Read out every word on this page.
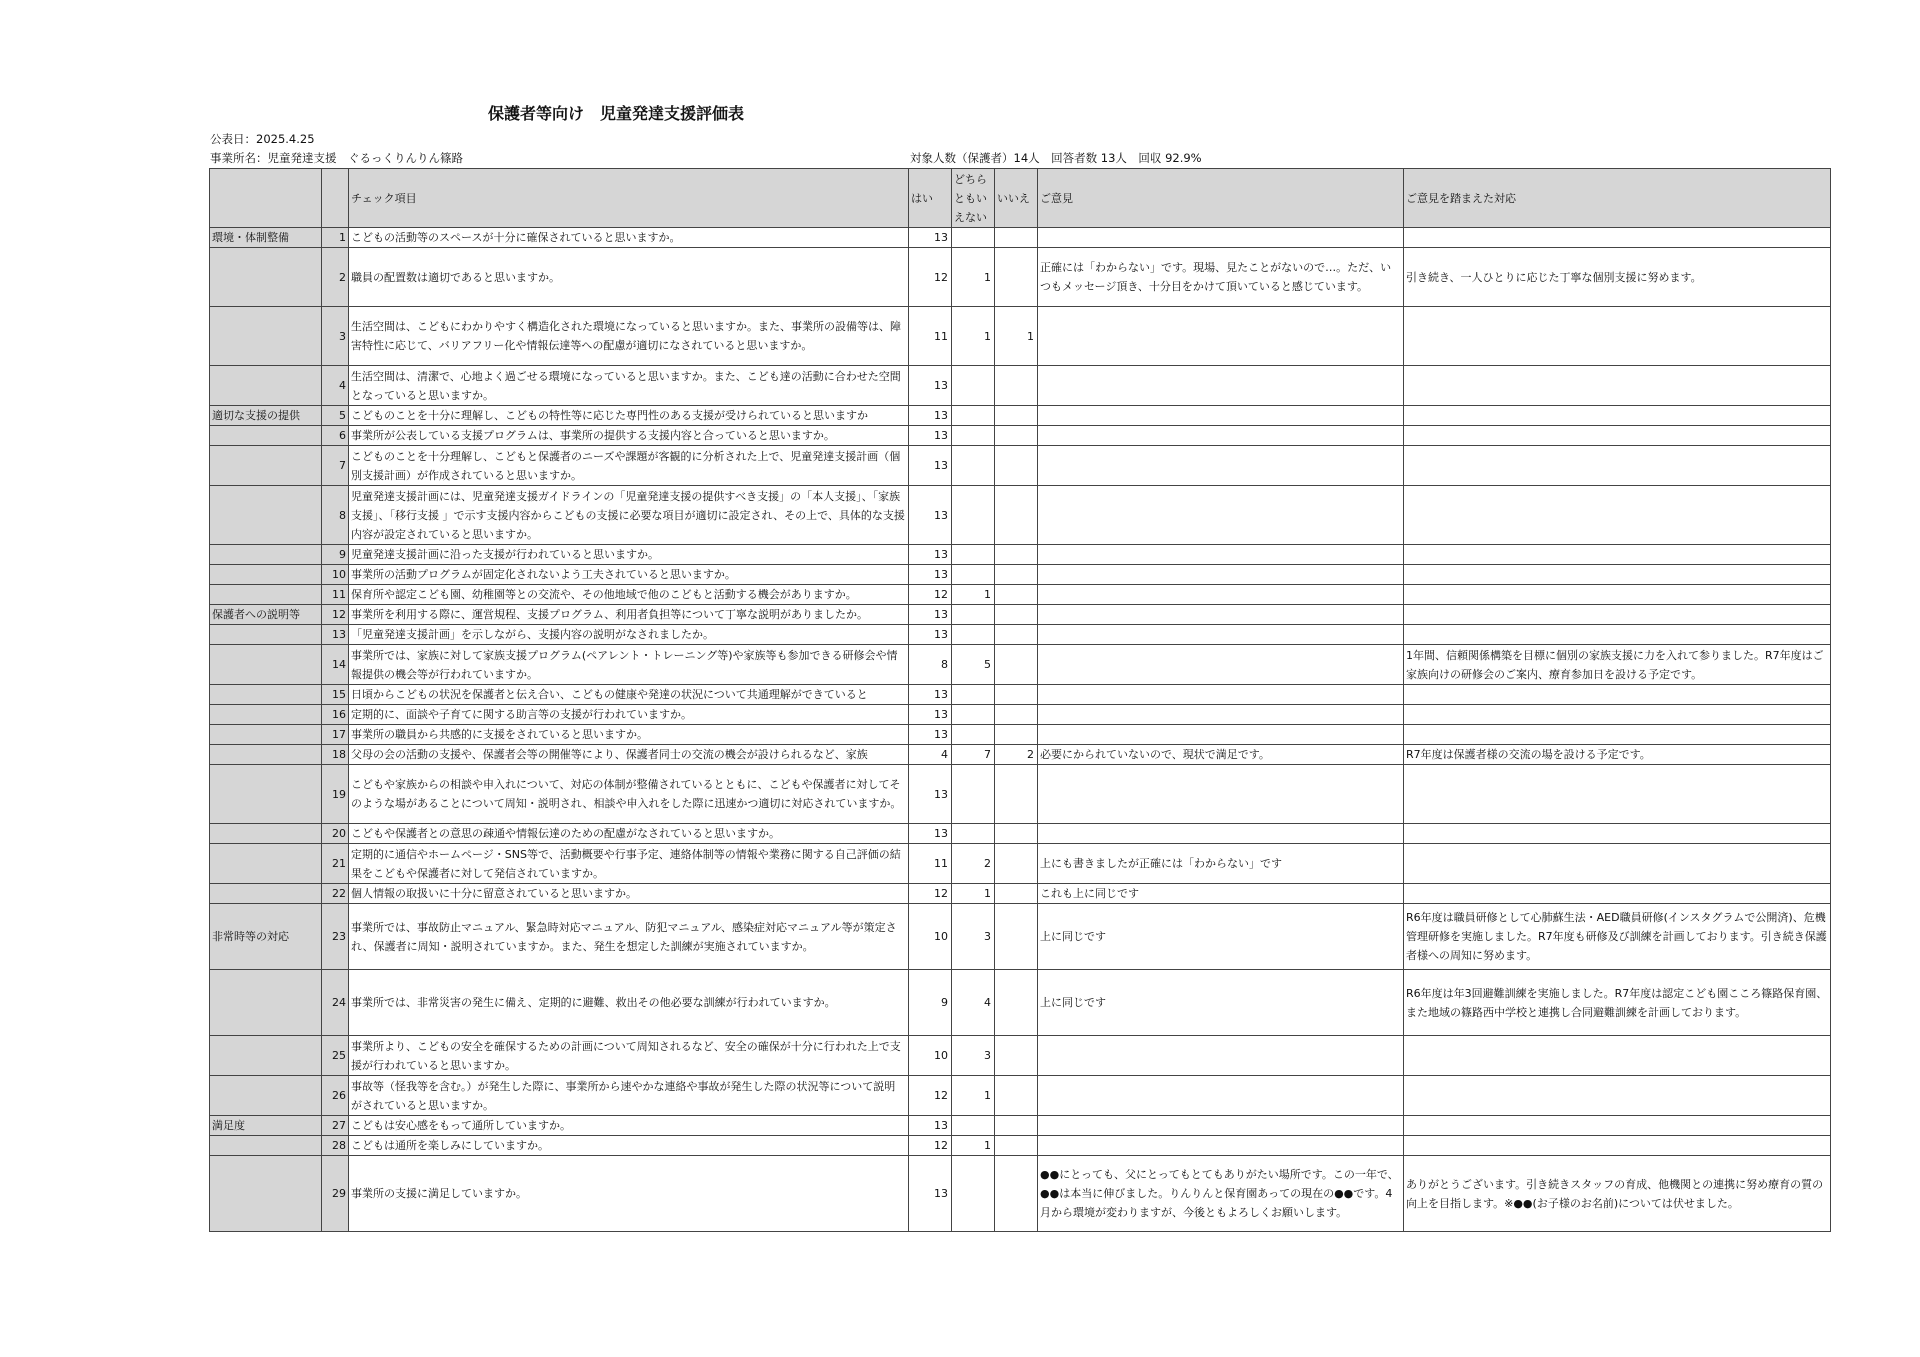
保護者等向け　児童発達支援評価表
公表日：2025.4.25
事業所名：児童発達支援　ぐるっくりんりん篠路	対象人数（保護者）14人　回答者数 13人　回収 92.9%
		チェック項目	はい	どちらともいえない	いいえ	ご意見	ご意見を踏まえた対応
環境・体制整備	1	こどもの活動等のスペースが十分に確保されていると思いますか。	13				
	2	職員の配置数は適切であると思いますか。	12	1		正確には「わからない」です。現場、見たことがないので…。ただ、いつもメッセージ頂き、十分目をかけて頂いていると感じています。	引き続き、一人ひとりに応じた丁寧な個別支援に努めます。
	3	生活空間は、こどもにわかりやすく構造化された環境になっていると思いますか。また、事業所の設備等は、障害特性に応じて、バリアフリー化や情報伝達等への配慮が適切になされていると思いますか。	11	1	1		
	4	生活空間は、清潔で、心地よく過ごせる環境になっていると思いますか。また、こども達の活動に合わせた空間となっていると思いますか。	13				
適切な支援の提供	5	こどものことを十分に理解し、こどもの特性等に応じた専門性のある支援が受けられていると思いますか	13				
	6	事業所が公表している支援プログラムは、事業所の提供する支援内容と合っていると思いますか。	13				
	7	こどものことを十分理解し、こどもと保護者のニーズや課題が客観的に分析された上で、児童発達支援計画（個別支援計画）が作成されていると思いますか。	13				
	8	児童発達支援計画には、児童発達支援ガイドラインの「児童発達支援の提供すべき支援」の「本人支援」、「家族支援」、「移行支援 」で示す支援内容からこどもの支援に必要な項目が適切に設定され、その上で、具体的な支援内容が設定されていると思いますか。	13				
	9	児童発達支援計画に沿った支援が行われていると思いますか。	13				
	10	事業所の活動プログラムが固定化されないよう工夫されていると思いますか。	13				
	11	保育所や認定こども園、幼稚園等との交流や、その他地域で他のこどもと活動する機会がありますか。	12	1			
保護者への説明等	12	事業所を利用する際に、運営規程、支援プログラム、利用者負担等について丁寧な説明がありましたか。	13				
	13	「児童発達支援計画」を示しながら、支援内容の説明がなされましたか。	13				
	14	事業所では、家族に対して家族支援プログラム(ペアレント・トレーニング等)や家族等も参加できる研修会や情報提供の機会等が行われていますか。	8	5			1年間、信頼関係構築を目標に個別の家族支援に力を入れて参りました。R7年度はご家族向けの研修会のご案内、療育参加日を設ける予定です。
	15	日頃からこどもの状況を保護者と伝え合い、こどもの健康や発達の状況について共通理解ができていると	13				
	16	定期的に、面談や子育てに関する助言等の支援が行われていますか。	13				
	17	事業所の職員から共感的に支援をされていると思いますか。	13				
	18	父母の会の活動の支援や、保護者会等の開催等により、保護者同士の交流の機会が設けられるなど、家族	4	7	2	必要にかられていないので、現状で満足です。	R7年度は保護者様の交流の場を設ける予定です。
	19	こどもや家族からの相談や申入れについて、対応の体制が整備されているとともに、こどもや保護者に対してそのような場があることについて周知・説明され、相談や申入れをした際に迅速かつ適切に対応されていますか。	13				
	20	こどもや保護者との意思の疎通や情報伝達のための配慮がなされていると思いますか。	13				
	21	定期的に通信やホームページ・SNS等で、活動概要や行事予定、連絡体制等の情報や業務に関する自己評価の結果をこどもや保護者に対して発信されていますか。	11	2		上にも書きましたが正確には「わからない」です	
	22	個人情報の取扱いに十分に留意されていると思いますか。	12	1		これも上に同じです	
非常時等の対応	23	事業所では、事故防止マニュアル、緊急時対応マニュアル、防犯マニュアル、感染症対応マニュアル等が策定され、保護者に周知・説明されていますか。また、発生を想定した訓練が実施されていますか。	10	3		上に同じです	R6年度は職員研修として心肺蘇生法・AED職員研修(インスタグラムで公開済)、危機管理研修を実施しました。R7年度も研修及び訓練を計画しております。引き続き保護者様への周知に努めます。
	24	事業所では、非常災害の発生に備え、定期的に避難、救出その他必要な訓練が行われていますか。	9	4		上に同じです	R6年度は年3回避難訓練を実施しました。R7年度は認定こども園こころ篠路保育園、また地域の篠路西中学校と連携し合同避難訓練を計画しております。
	25	事業所より、こどもの安全を確保するための計画について周知されるなど、安全の確保が十分に行われた上で支援が行われていると思いますか。	10	3			
	26	事故等（怪我等を含む。）が発生した際に、事業所から速やかな連絡や事故が発生した際の状況等について説明がされていると思いますか。	12	1			
満足度	27	こどもは安心感をもって通所していますか。	13				
	28	こどもは通所を楽しみにしていますか。	12	1			
	29	事業所の支援に満足していますか。	13			●●にとっても、父にとってもとてもありがたい場所です。この一年で、●●は本当に伸びました。りんりんと保育園あっての現在の●●です。4月から環境が変わりますが、今後ともよろしくお願いします。	ありがとうございます。引き続きスタッフの育成、他機関との連携に努め療育の質の向上を目指します。※●●(お子様のお名前)については伏せました。
